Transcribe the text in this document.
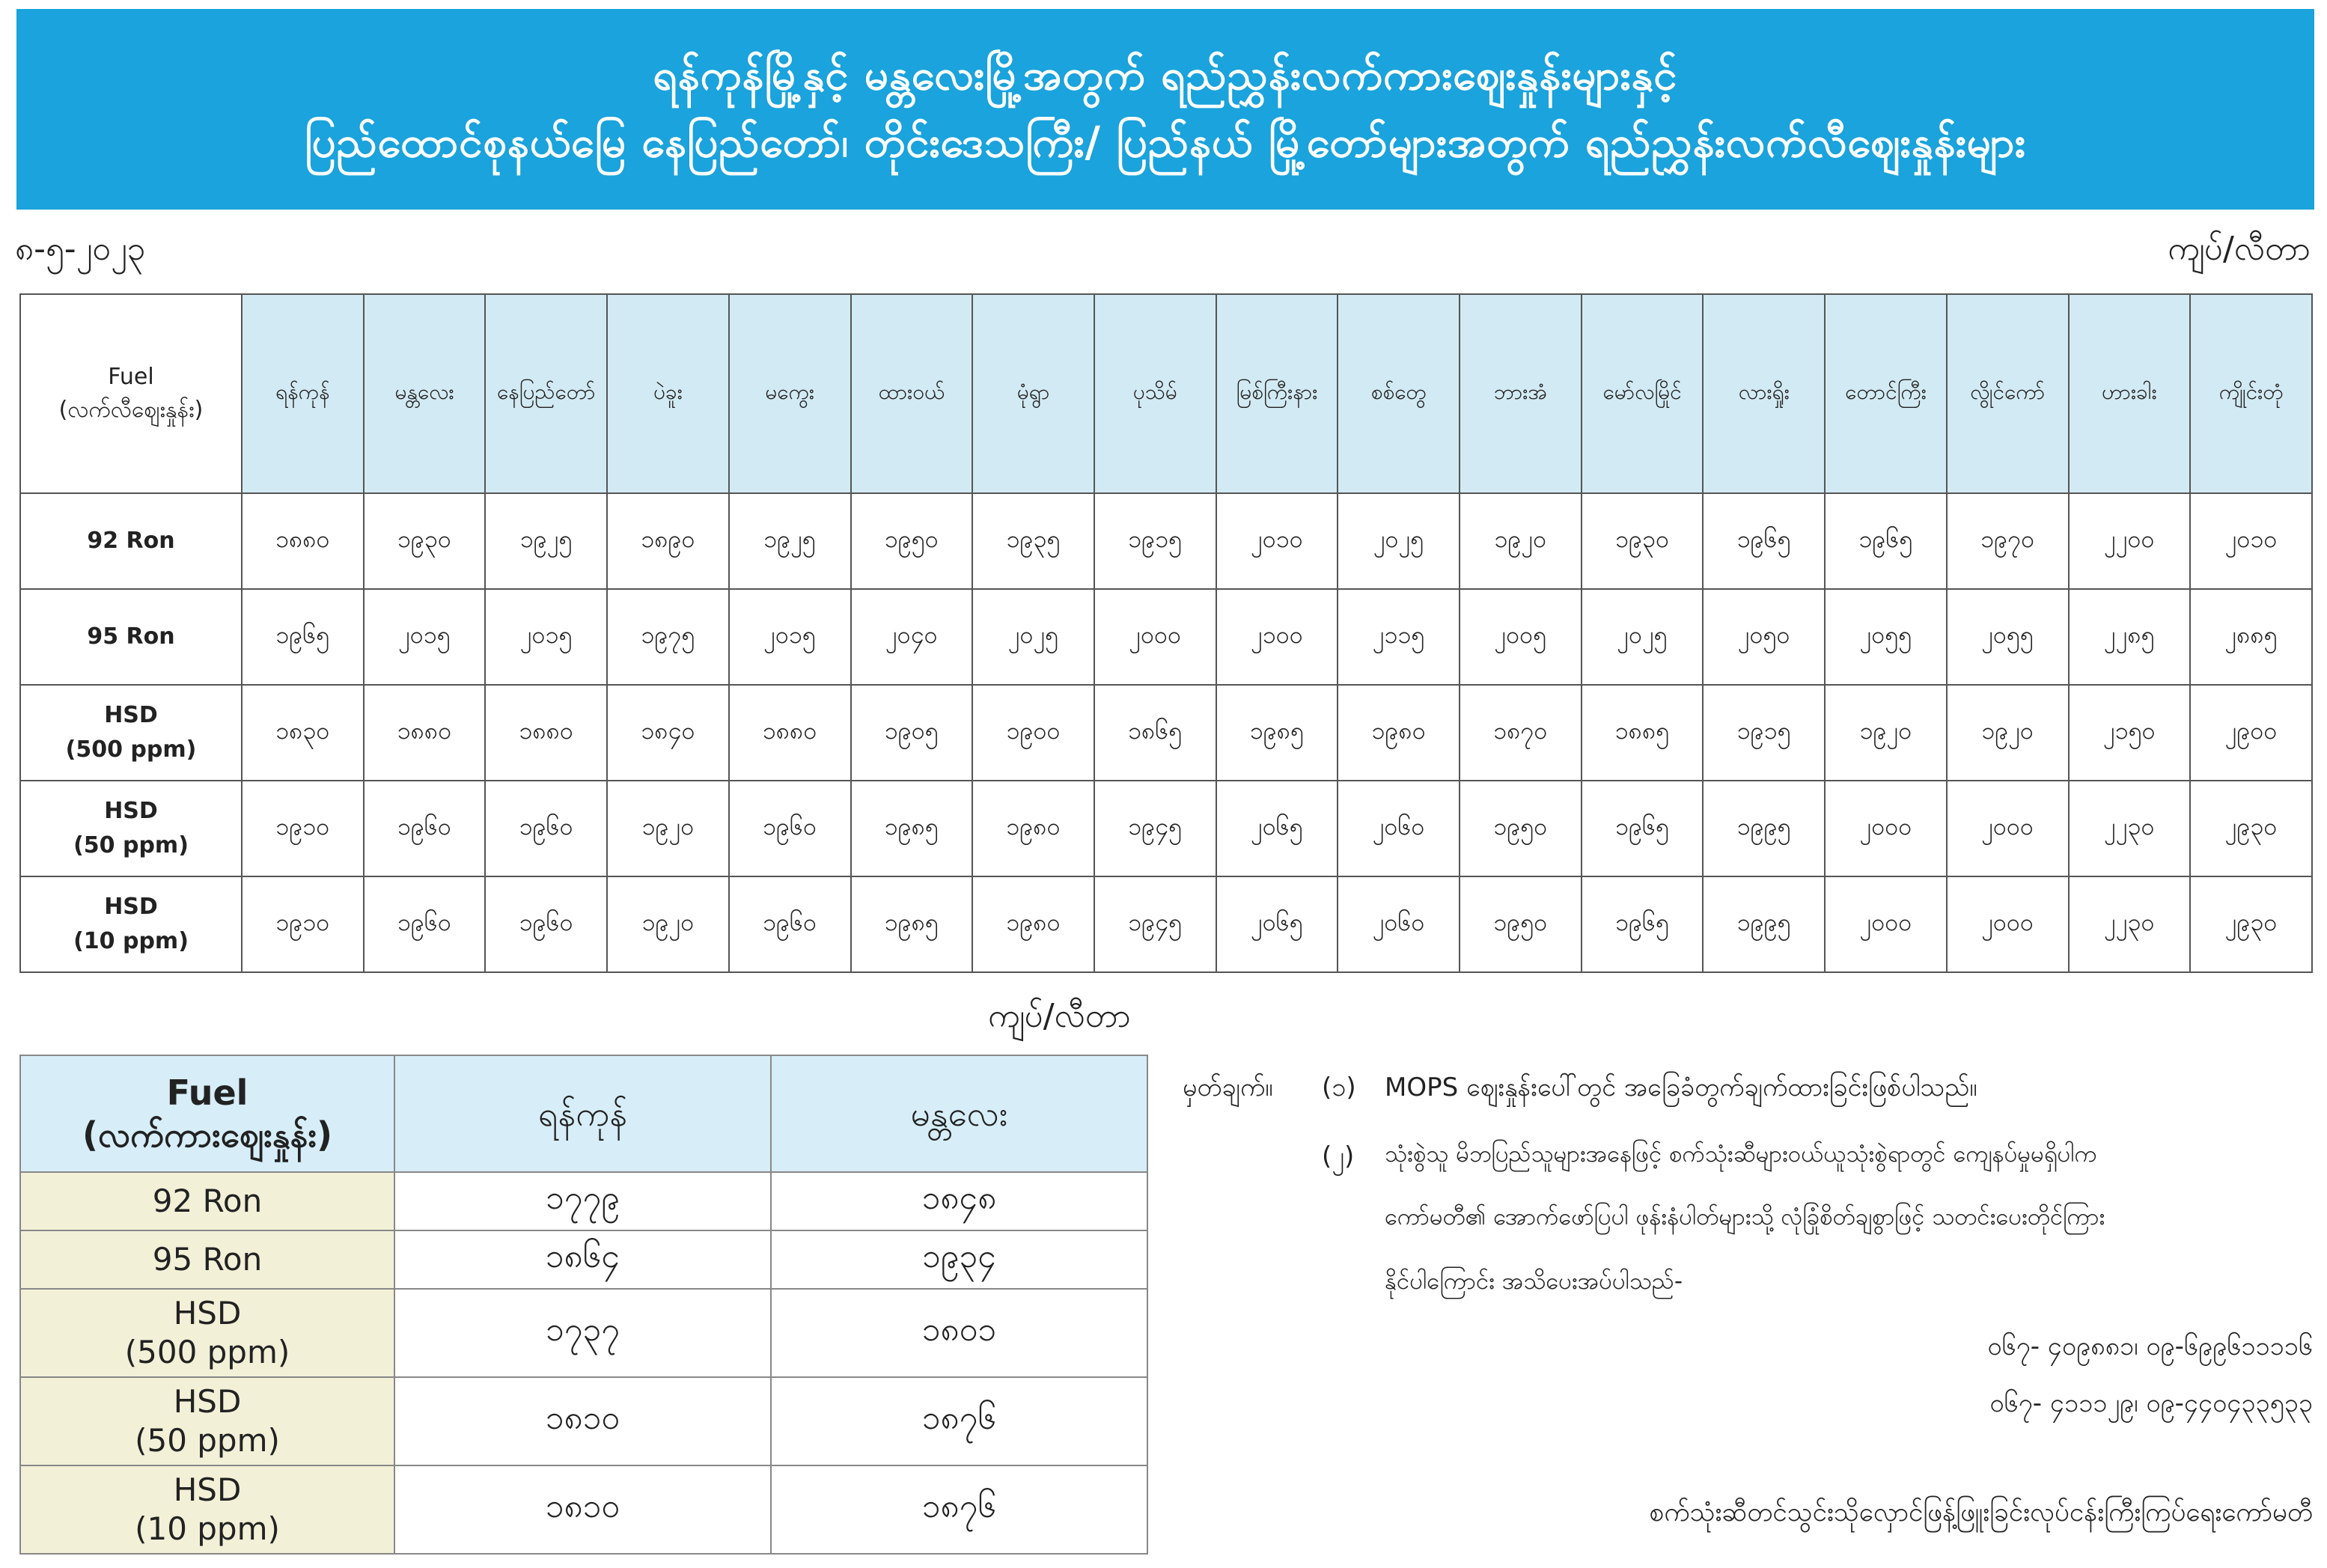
ရန်ကုန်မြို့နှင့် မန္တလေးမြို့အတွက် ရည်ညွှန်းလက်ကားဈေးနှုန်းများနှင့်
ပြည်ထောင်စုနယ်မြေ နေပြည်တော်၊ တိုင်းဒေသကြီး/ ပြည်နယ် မြို့တော်များအတွက် ရည်ညွှန်းလက်လီဈေးနှုန်းများ
၈-၅-၂၀၂၃	ကျပ်/လီတာ
Fuel
(လက်လီဈေးနှုန်း)	ရန်ကုန်	မန္တလေး	နေပြည်တော်	ပဲခူး	မကွေး	ထားဝယ်	မုံရွာ	ပုသိမ်	မြစ်ကြီးနား	စစ်တွေ	ဘားအံ	မော်လမြိုင်	လားရှိုး	တောင်ကြီး	လွိုင်ကော်	ဟားခါး	ကျိုင်းတုံ

92 Ron	၁၈၈၀	၁၉၃၀	၁၉၂၅	၁၈၉၀	၁၉၂၅	၁၉၅၀	၁၉၃၅	၁၉၁၅	၂၀၁၀	၂၀၂၅	၁၉၂၀	၁၉၃၀	၁၉၆၅	၁၉၆၅	၁၉၇၀	၂၂၀၀	၂၀၁၀

95 Ron	၁၉၆၅	၂၀၁၅	၂၀၁၅	၁၉၇၅	၂၀၁၅	၂၀၄၀	၂၀၂၅	၂၀၀၀	၂၁၀၀	၂၁၁၅	၂၀၀၅	၂၀၂၅	၂၀၅၀	၂၀၅၅	၂၀၅၅	၂၂၈၅	၂၈၈၅

HSD
(500 ppm)	၁၈၃၀	၁၈၈၀	၁၈၈၀	၁၈၄၀	၁၈၈၀	၁၉၀၅	၁၉၀၀	၁၈၆၅	၁၉၈၅	၁၉၈၀	၁၈၇၀	၁၈၈၅	၁၉၁၅	၁၉၂၀	၁၉၂၀	၂၁၅၀	၂၉၀၀

HSD
(50 ppm)	၁၉၁၀	၁၉၆၀	၁၉၆၀	၁၉၂၀	၁၉၆၀	၁၉၈၅	၁၉၈၀	၁၉၄၅	၂၀၆၅	၂၀၆၀	၁၉၅၀	၁၉၆၅	၁၉၉၅	၂၀၀၀	၂၀၀၀	၂၂၃၀	၂၉၃၀

HSD
(10 ppm)	၁၉၁၀	၁၉၆၀	၁၉၆၀	၁၉၂၀	၁၉၆၀	၁၉၈၅	၁၉၈၀	၁၉၄၅	၂၀၆၅	၂၀၆၀	၁၉၅၀	၁၉၆၅	၁၉၉၅	၂၀၀၀	၂၀၀၀	၂၂၃၀	၂၉၃၀
ကျပ်/လီတာ
Fuel
(လက်ကားဈေးနှုန်း)	ရန်ကုန်	မန္တလေး

92 Ron	၁၇၇၉	၁၈၄၈

95 Ron	၁၈၆၄	၁၉၃၄

HSD
(500 ppm)	၁၇၃၇	၁၈၀၁

HSD
(50 ppm)	၁၈၁၀	၁၈၇၆

HSD
(10 ppm)	၁၈၁၀	၁၈၇၆
မှတ်ချက်။ (၁) MOPS ဈေးနှုန်းပေါ်တွင် အခြေခံတွက်ချက်ထားခြင်းဖြစ်ပါသည်။
(၂) သုံးစွဲသူ မိဘပြည်သူများအနေဖြင့် စက်သုံးဆီများဝယ်ယူသုံးစွဲရာတွင် ကျေနပ်မှုမရှိပါက
ကော်မတီ၏ အောက်ဖော်ပြပါ ဖုန်းနံပါတ်များသို့ လုံခြုံစိတ်ချစွာဖြင့် သတင်းပေးတိုင်ကြား
နိုင်ပါကြောင်း အသိပေးအပ်ပါသည်-
၀၆၇- ၄၀၉၈၈၁၊ ၀၉-၆၉၉၆၁၁၁၁၆
၀၆၇- ၄၁၁၁၂၉၊ ၀၉-၄၄၀၄၃၃၅၃၃
စက်သုံးဆီတင်သွင်းသိုလှောင်ဖြန့်ဖြူးခြင်းလုပ်ငန်းကြီးကြပ်ရေးကော်မတီ
